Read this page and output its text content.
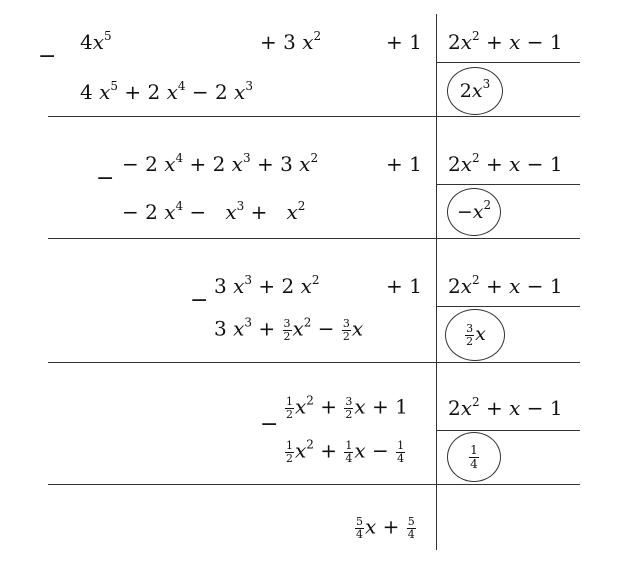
−
$4x^5$	+ 3 $x^2$	+ 1
4 $x^5 + 2$ $x^4 - 2$ $x^3$
$2x^2 + x - 1$
$2x^3$
−
− 2 $x^4 + 2$ $x^3 + 3$ $x^2$	+ 1
− 2 $x^4 - x^3 + x^2$
$2x^2 + x - 1$
$-x^2$
−
3 $x^3 + 2$ $x^2$	+ 1
3 $x^3 + \frac{3}{2} x^2 - \frac{3}{2}$ x
$2x^2 + x - 1$
$\frac{3}{2}$ x
−
$\frac{1}{2} x^2 + \frac{3}{2}$ x + 1
$\frac{1}{2} x^2 + \frac{1}{4}$ $x - \frac{1}{4}$
$2x^2 + x - 1$
1
4
$\frac{5}{4}$ $x + \frac{5}{4}$
